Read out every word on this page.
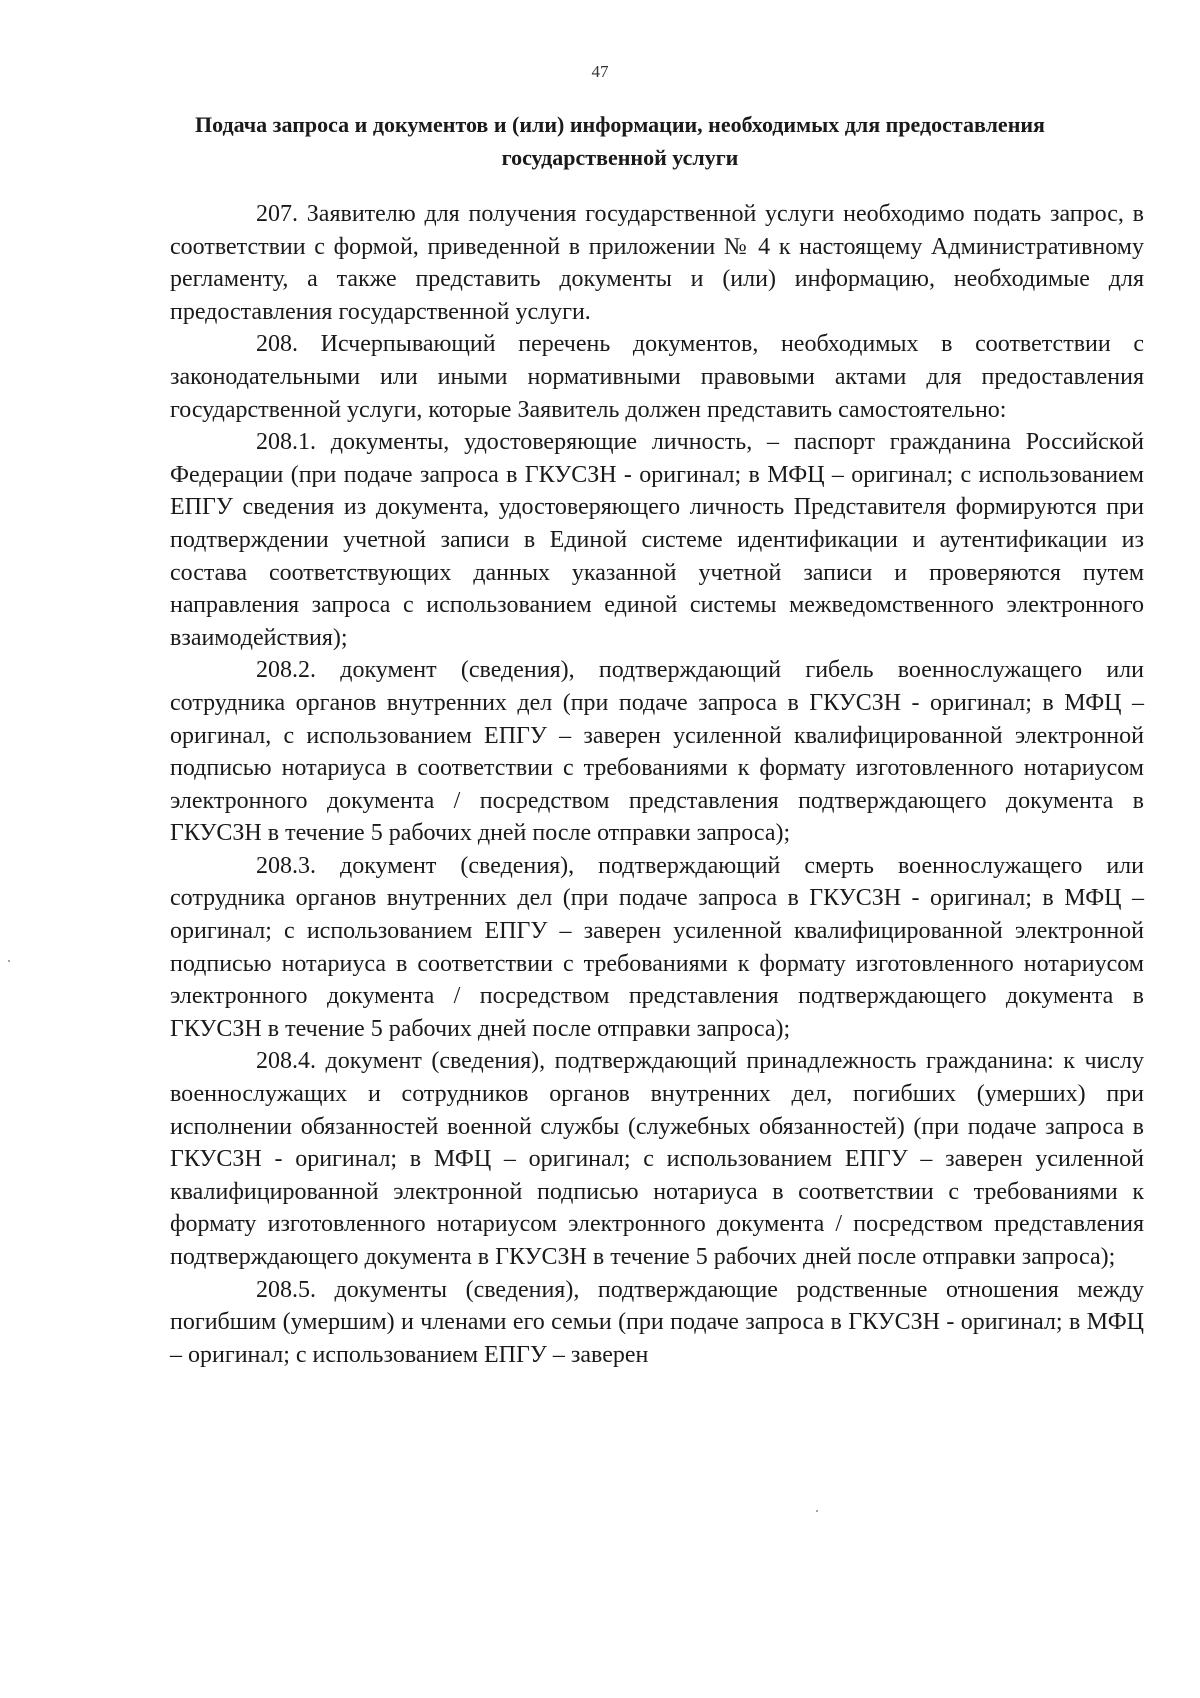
47
Подача запроса и документов и (или) информации, необходимых для предоставления государственной услуги

207. Заявителю для получения государственной услуги необходимо подать запрос, в соответствии с формой, приведенной в приложении № 4 к настоящему Административному регламенту, а также представить документы и (или) информацию, необходимые для предоставления государственной услуги.

208. Исчерпывающий перечень документов, необходимых в соответствии с законодательными или иными нормативными правовыми актами для предоставления государственной услуги, которые Заявитель должен представить самостоятельно:

208.1. документы, удостоверяющие личность, – паспорт гражданина Российской Федерации (при подаче запроса в ГКУСЗН - оригинал; в МФЦ – оригинал; с использованием ЕПГУ сведения из документа, удостоверяющего личность Представителя формируются при подтверждении учетной записи в Единой системе идентификации и аутентификации из состава соответствующих данных указанной учетной записи и проверяются путем направления запроса с использованием единой системы межведомственного электронного взаимодействия);

208.2. документ (сведения), подтверждающий гибель военнослужащего или сотрудника органов внутренних дел (при подаче запроса в ГКУСЗН - оригинал; в МФЦ – оригинал, с использованием ЕПГУ – заверен усиленной квалифицированной электронной подписью нотариуса в соответствии с требованиями к формату изготовленного нотариусом электронного документа / посредством представления подтверждающего документа в ГКУСЗН в течение 5 рабочих дней после отправки запроса);

208.3. документ (сведения), подтверждающий смерть военнослужащего или сотрудника органов внутренних дел (при подаче запроса в ГКУСЗН - оригинал; в МФЦ – оригинал; с использованием ЕПГУ – заверен усиленной квалифицированной электронной подписью нотариуса в соответствии с требованиями к формату изготовленного нотариусом электронного документа / посредством представления подтверждающего документа в ГКУСЗН в течение 5 рабочих дней после отправки запроса);

208.4. документ (сведения), подтверждающий принадлежность гражданина: к числу военнослужащих и сотрудников органов внутренних дел, погибших (умерших) при исполнении обязанностей военной службы (служебных обязанностей) (при подаче запроса в ГКУСЗН - оригинал; в МФЦ – оригинал; с использованием ЕПГУ – заверен усиленной квалифицированной электронной подписью нотариуса в соответствии с требованиями к формату изготовленного нотариусом электронного документа / посредством представления подтверждающего документа в ГКУСЗН в течение 5 рабочих дней после отправки запроса);

208.5. документы (сведения), подтверждающие родственные отношения между погибшим (умершим) и членами его семьи (при подаче запроса в ГКУСЗН - оригинал; в МФЦ – оригинал; с использованием ЕПГУ – заверен
